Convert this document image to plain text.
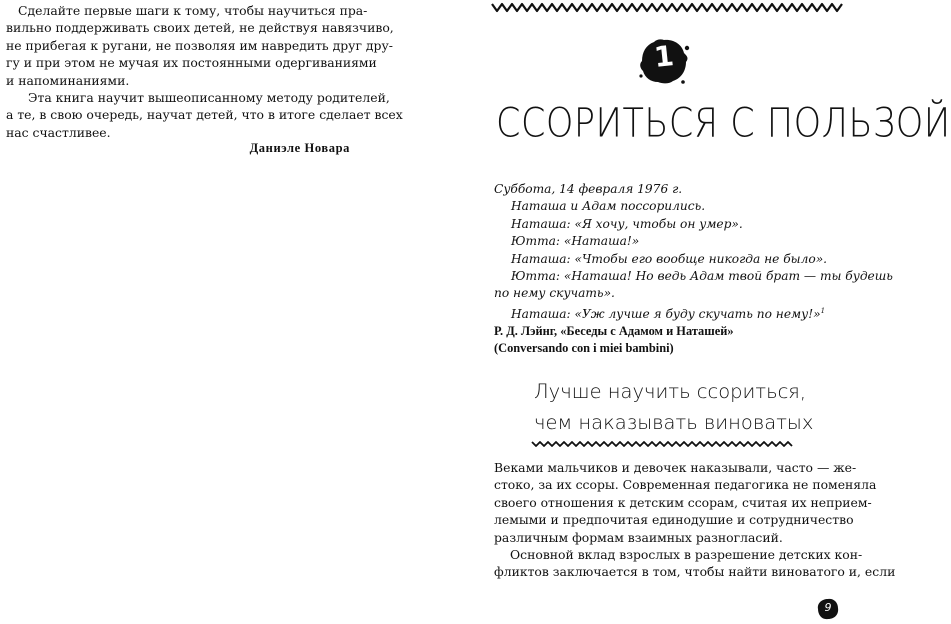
Сделайте первые шаги к тому, чтобы научиться пра-
вильно поддерживать своих детей, не действуя навязчиво,
не прибегая к ругани, не позволяя им навредить друг дру-
гу и при этом не мучая их постоянными одергиваниями
и напоминаниями.
Эта книга научит вышеописанному методу родителей,
а те, в свою очередь, научат детей, что в итоге сделает всех
нас счастливее.
Даниэле Новара
1
ССОРИТЬСЯ С ПОЛЬЗОЙ
Суббота, 14 февраля 1976 г.
Наташа и Адам поссорились.
Наташа: «Я хочу, чтобы он умер».
Ютта: «Наташа!»
Наташа: «Чтобы его вообще никогда не было».
Ютта: «Наташа! Но ведь Адам твой брат — ты будешь
по нему скучать».
Наташа: «Уж лучше я буду скучать по нему!»$^1$
Р. Д. Лэйнг, «Беседы с Адамом и Наташей»
(Conversando con i miei bambini)
Лучше научить ссориться,
чем наказывать виноватых
Веками мальчиков и девочек наказывали, часто — же-
стоко, за их ссоры. Современная педагогика не поменяла
своего отношения к детским ссорам, считая их неприем-
лемыми и предпочитая единодушие и сотрудничество
различным формам взаимных разногласий.
Основной вклад взрослых в разрешение детских кон-
фликтов заключается в том, чтобы найти виноватого и, если
9
